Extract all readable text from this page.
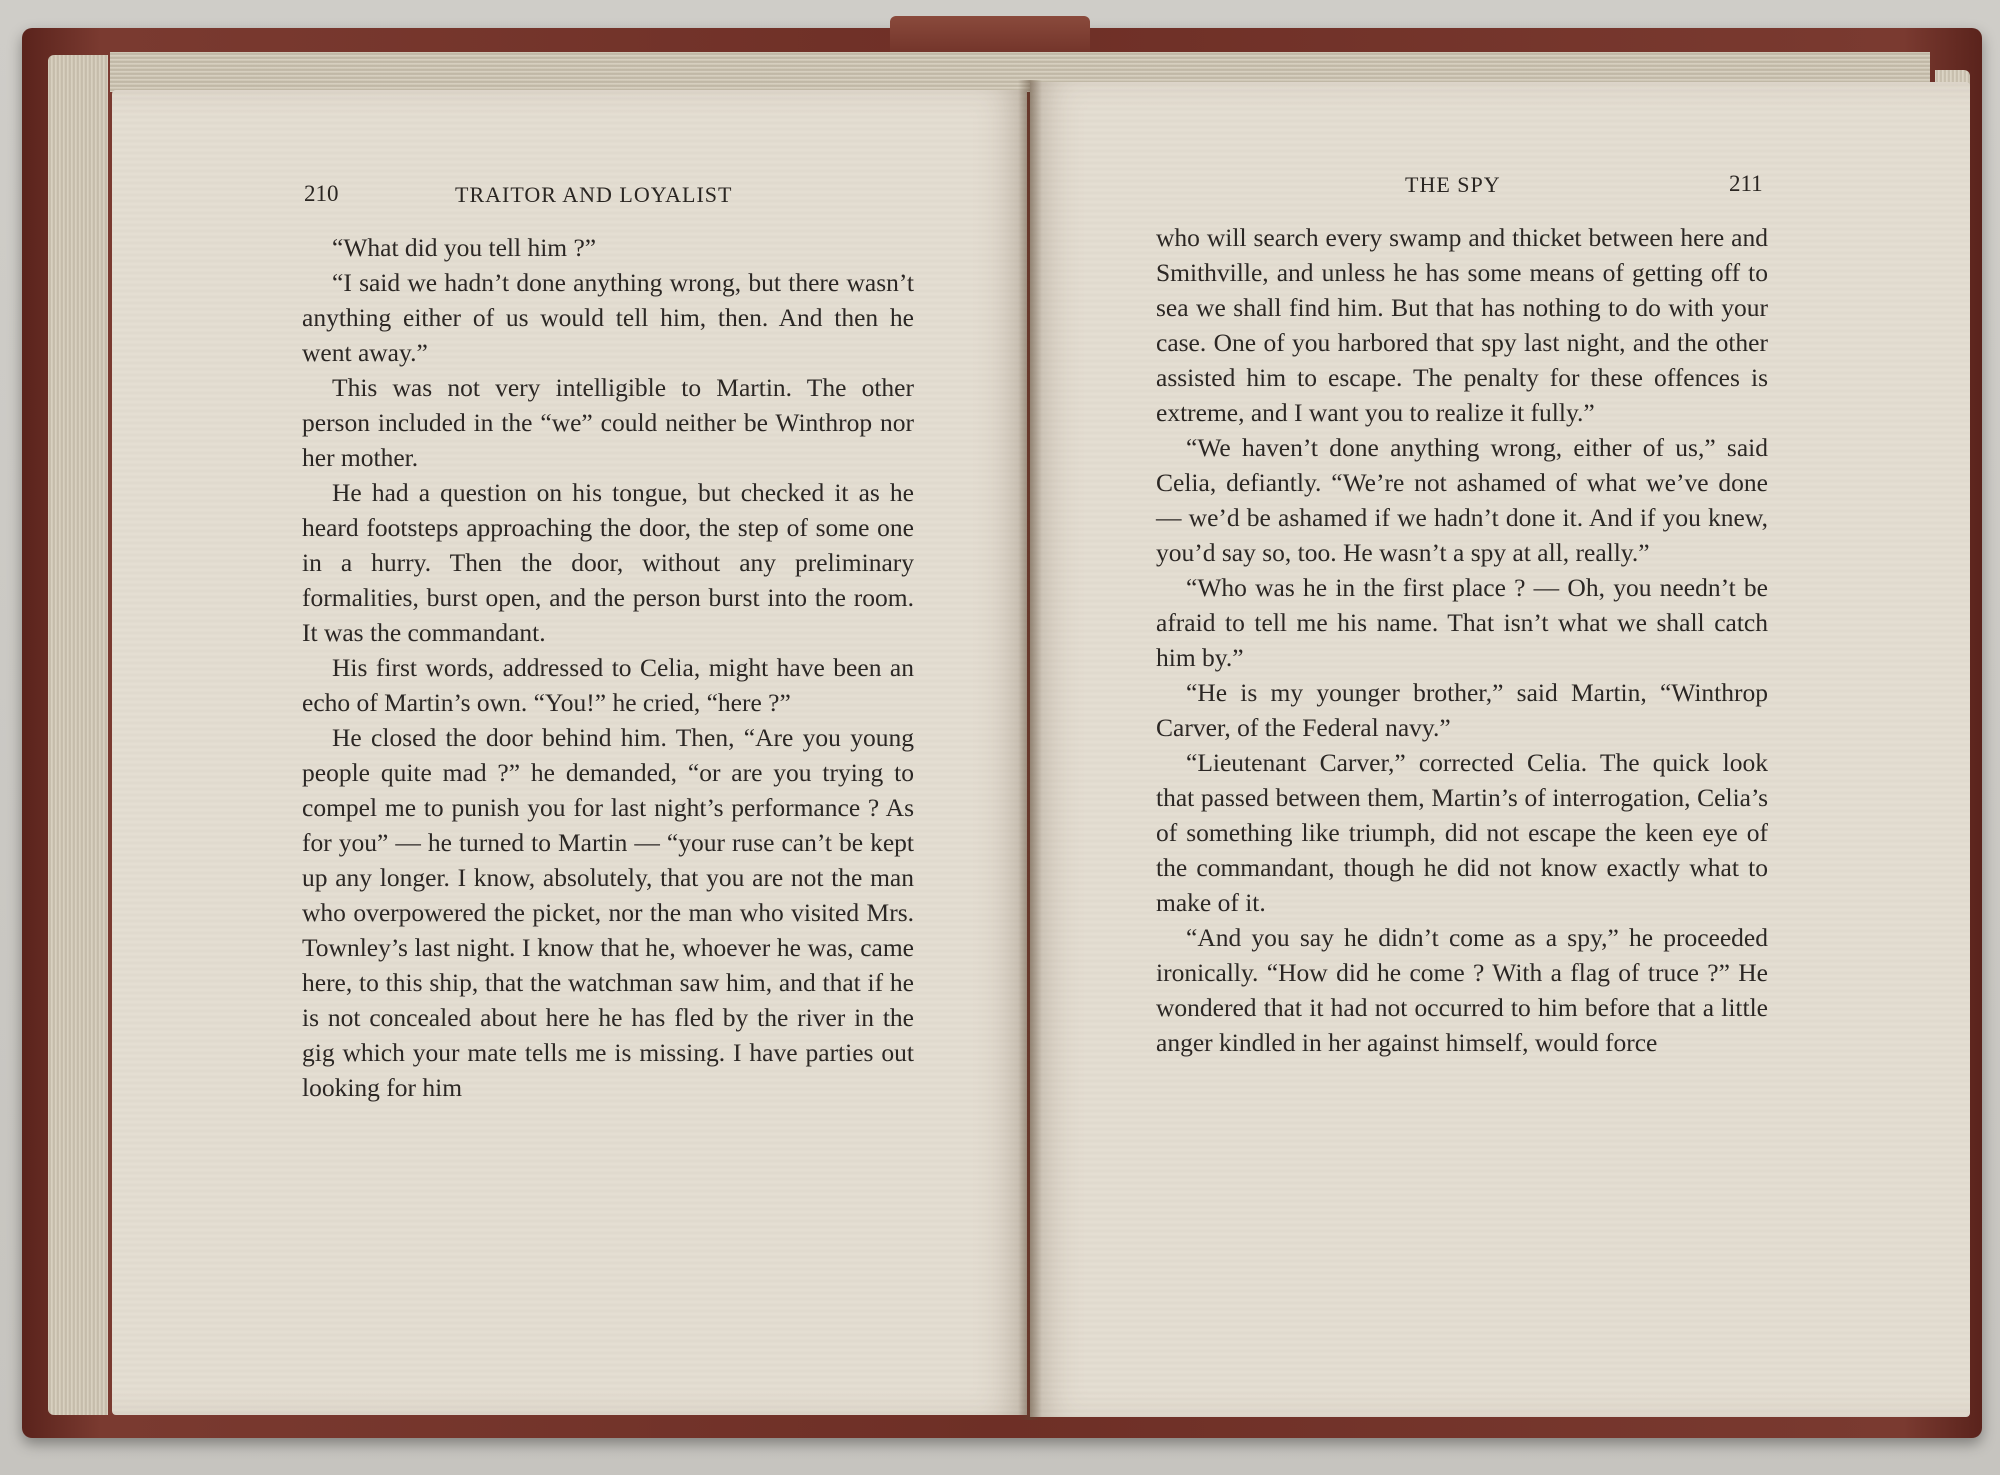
210	TRAITOR AND LOYALIST	THE SPY	211

“What did you tell him ?”

“I said we hadn’t done anything wrong, but there wasn’t anything either of us would tell him, then. And then he went away.”

This was not very intelligible to Martin. The other person included in the “we” could neither be Winthrop nor her mother.

He had a question on his tongue, but checked it as he heard footsteps approaching the door, the step of some one in a hurry. Then the door, without any preliminary formalities, burst open, and the person burst into the room. It was the commandant.

His first words, addressed to Celia, might have been an echo of Martin’s own. “You!” he cried, “here ?”

He closed the door behind him. Then, “Are you young people quite mad ?” he demanded, “or are you trying to compel me to punish you for last night’s performance ? As for you” — he turned to Martin — “your ruse can’t be kept up any longer. I know, absolutely, that you are not the man who overpowered the picket, nor the man who visited Mrs. Townley’s last night. I know that he, whoever he was, came here, to this ship, that the watchman saw him, and that if he is not concealed about here he has fled by the river in the gig which your mate tells me is missing. I have parties out looking for him

who will search every swamp and thicket between here and Smithville, and unless he has some means of getting off to sea we shall find him. But that has nothing to do with your case. One of you harbored that spy last night, and the other assisted him to escape. The penalty for these offences is extreme, and I want you to realize it fully.”

“We haven’t done anything wrong, either of us,” said Celia, defiantly. “We’re not ashamed of what we’ve done — we’d be ashamed if we hadn’t done it. And if you knew, you’d say so, too. He wasn’t a spy at all, really.”

“Who was he in the first place ? — Oh, you needn’t be afraid to tell me his name. That isn’t what we shall catch him by.”

“He is my younger brother,” said Martin, “Winthrop Carver, of the Federal navy.”

“Lieutenant Carver,” corrected Celia. The quick look that passed between them, Martin’s of interrogation, Celia’s of something like triumph, did not escape the keen eye of the commandant, though he did not know exactly what to make of it.

“And you say he didn’t come as a spy,” he proceeded ironically. “How did he come ? With a flag of truce ?” He wondered that it had not occurred to him before that a little anger kindled in her against himself, would force
